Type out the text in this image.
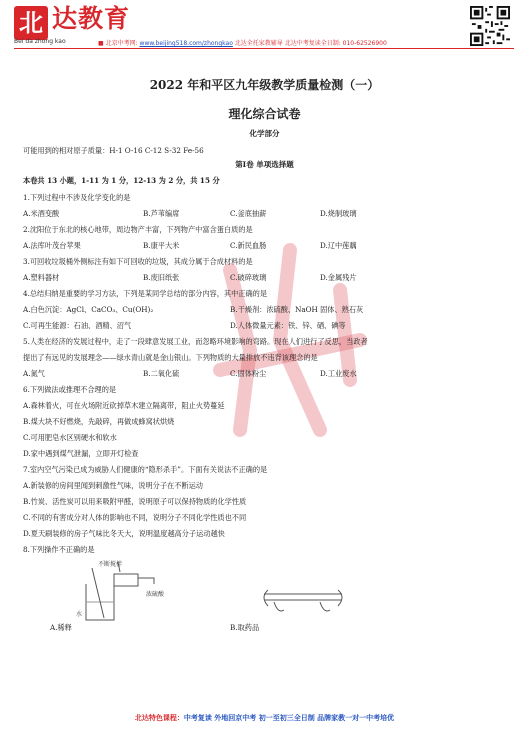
北 达教育
Bei da zhong kao	■ 北京中考网: www.beijing518.com/zhongkao 北达全托家教辅导 北达中考复读全日制: 010-62526900
2022 年和平区九年级教学质量检测（一）
理化综合试卷
化学部分
可能用到的相对原子质量：H-1 O-16 C-12 S-32 Fe-56
第Ⅰ卷 单项选择题
本卷共 13 小题，1-11 为 1 分，12-13 为 2 分，共 15 分
1.下列过程中不涉及化学变化的是
A.米酒变酸	B.芦苇编席	C.釜底抽薪	D.烧制玻璃
2.沈阳位于东北的核心地带，周边物产丰富，下列物产中富含蛋白质的是
A.法库叶茂台苹果	B.康平大米	C.新民血肠	D.辽中莲藕
3.可回收垃圾桶外侧标注有如下可回收的垃圾，其成分属于合成材料的是
A.塑料器材	B.废旧纸张	C.破碎玻璃	D.金属残片
4.总结归纳是重要的学习方法，下列是某同学总结的部分内容，其中正确的是
A.白色沉淀：AgCl、CaCO₃、Cu(OH)₂	B.干燥剂：浓硫酸、NaOH 固体、熟石灰
C.可再生能源：石油、酒精、沼气	D.人体微量元素：铁、锌、硒、碘等
5.人类在经济的发展过程中，走了一段肆意发展工业，而忽略环境影响的弯路。现在人们进行了反思，当政者
提出了有远见的发展理念——绿水青山就是金山银山。下列物质的大量排放不违背该理念的是
A.氮气	B.二氧化硫	C.固体粉尘	D.工业废水
6.下列做法或推理不合理的是
A.森林着火，可在火场附近砍掉草木建立隔离带，阻止火势蔓延
B.煤大块不好燃烧，先敲碎，再做成蜂窝状烘烧
C.可用肥皂水区别硬水和软水
D.家中遇到煤气泄漏，立即开灯检查
7.室内空气污染已成为威胁人们健康的“隐形杀手”。下面有关说法不正确的是
A.新装修的房间里闻到刺激性气味，说明分子在不断运动
B.竹炭、活性炭可以用来吸附甲醛，说明原子可以保持物质的化学性质
C.不同的有害成分对人体的影响也不同，说明分子不同化学性质也不同
D.夏天刷装修的房子气味比冬天大，说明温度越高分子运动越快
8.下列操作不正确的是
不断搅拌
浓硫酸
水
A.稀释	B.取药品
北达特色课程：中考复读 外地回京中考 初一至初三全日制 品牌家教一对一中考培优
